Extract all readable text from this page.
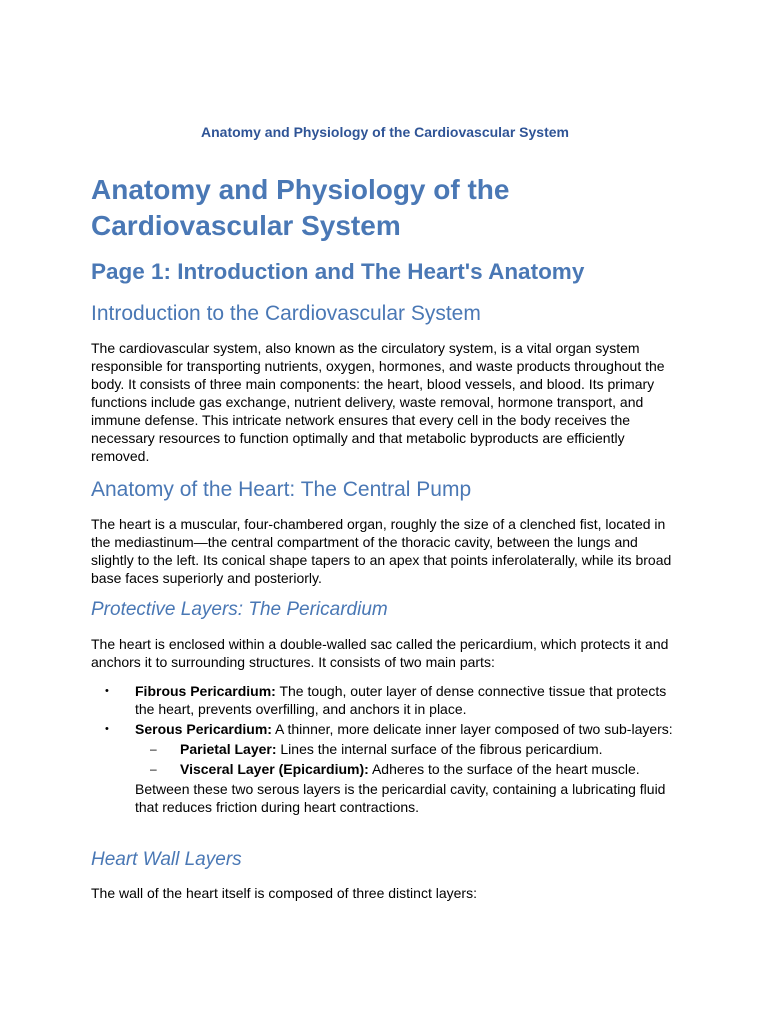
Anatomy and Physiology of the Cardiovascular System
Anatomy and Physiology of the Cardiovascular System
Page 1: Introduction and The Heart's Anatomy
Introduction to the Cardiovascular System

The cardiovascular system, also known as the circulatory system, is a vital organ system responsible for transporting nutrients, oxygen, hormones, and waste products throughout the body. It consists of three main components: the heart, blood vessels, and blood. Its primary functions include gas exchange, nutrient delivery, waste removal, hormone transport, and immune defense. This intricate network ensures that every cell in the body receives the necessary resources to function optimally and that metabolic byproducts are efficiently removed.

Anatomy of the Heart: The Central Pump

The heart is a muscular, four-chambered organ, roughly the size of a clenched fist, located in the mediastinum—the central compartment of the thoracic cavity, between the lungs and slightly to the left. Its conical shape tapers to an apex that points inferolaterally, while its broad base faces superiorly and posteriorly.

Protective Layers: The Pericardium

The heart is enclosed within a double-walled sac called the pericardium, which protects it and anchors it to surrounding structures. It consists of two main parts:

• Fibrous Pericardium: The tough, outer layer of dense connective tissue that protects the heart, prevents overfilling, and anchors it in place.
• Serous Pericardium: A thinner, more delicate inner layer composed of two sub-layers:
– Parietal Layer: Lines the internal surface of the fibrous pericardium.
– Visceral Layer (Epicardium): Adheres to the surface of the heart muscle.
Between these two serous layers is the pericardial cavity, containing a lubricating fluid that reduces friction during heart contractions.
Heart Wall Layers

The wall of the heart itself is composed of three distinct layers:
